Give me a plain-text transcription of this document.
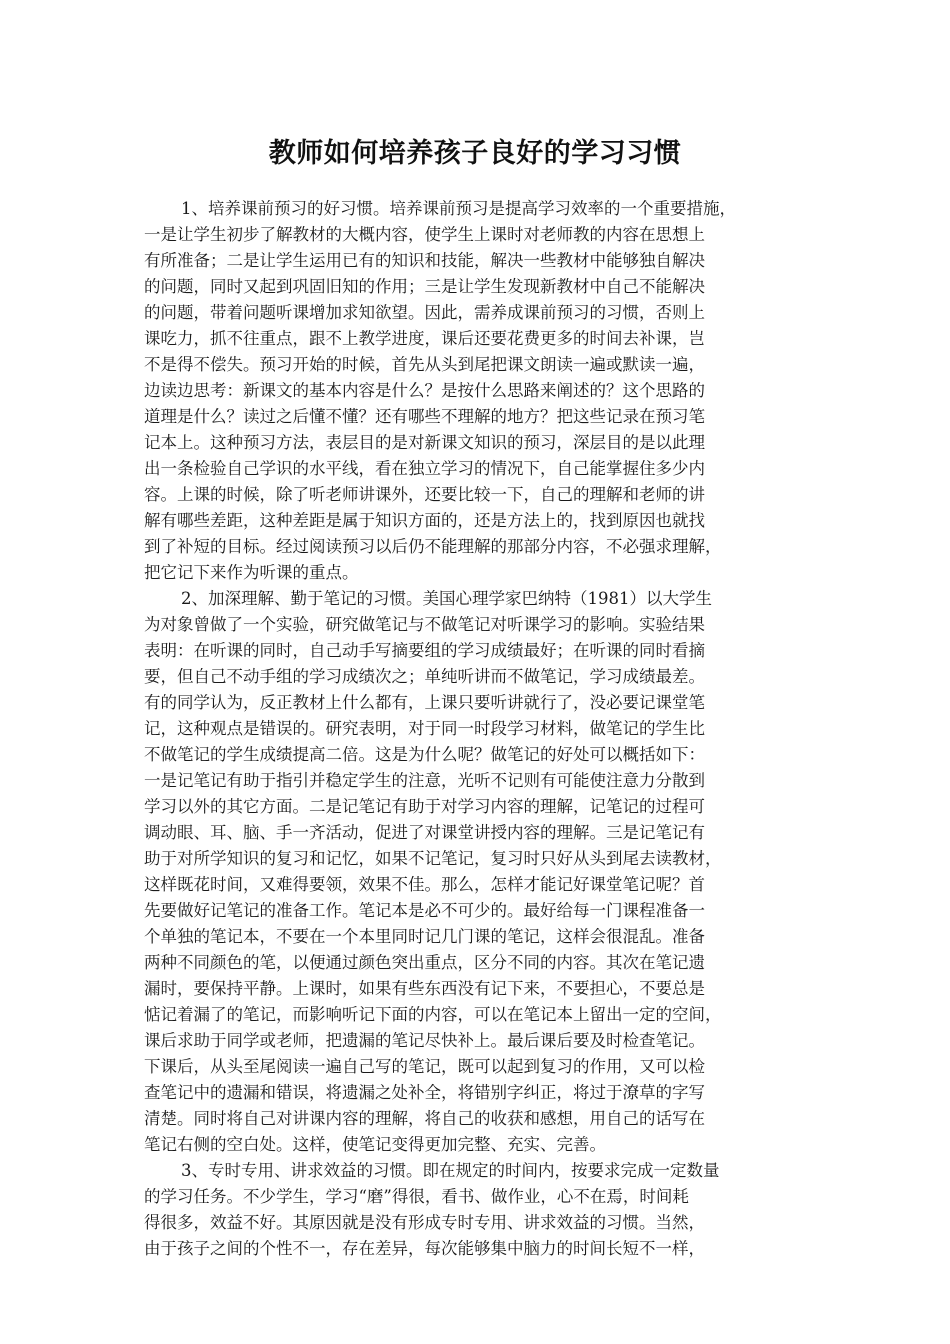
教师如何培养孩子良好的学习习惯
1、培养课前预习的好习惯。培养课前预习是提高学习效率的一个重要措施，
一是让学生初步了解教材的大概内容，使学生上课时对老师教的内容在思想上
有所准备；二是让学生运用已有的知识和技能，解决一些教材中能够独自解决
的问题，同时又起到巩固旧知的作用；三是让学生发现新教材中自己不能解决
的问题，带着问题听课增加求知欲望。因此，需养成课前预习的习惯，否则上
课吃力，抓不往重点，跟不上教学进度，课后还要花费更多的时间去补课，岂
不是得不偿失。预习开始的时候，首先从头到尾把课文朗读一遍或默读一遍，
边读边思考：新课文的基本内容是什么？是按什么思路来阐述的？这个思路的
道理是什么？读过之后懂不懂？还有哪些不理解的地方？把这些记录在预习笔
记本上。这种预习方法，表层目的是对新课文知识的预习，深层目的是以此理
出一条检验自己学识的水平线，看在独立学习的情况下，自己能掌握住多少内
容。上课的时候，除了听老师讲课外，还要比较一下，自己的理解和老师的讲
解有哪些差距，这种差距是属于知识方面的，还是方法上的，找到原因也就找
到了补短的目标。经过阅读预习以后仍不能理解的那部分内容，不必强求理解，
把它记下来作为听课的重点。
2、加深理解、勤于笔记的习惯。美国心理学家巴纳特（1981）以大学生
为对象曾做了一个实验，研究做笔记与不做笔记对听课学习的影响。实验结果
表明：在听课的同时，自己动手写摘要组的学习成绩最好；在听课的同时看摘
要，但自己不动手组的学习成绩次之；单纯听讲而不做笔记，学习成绩最差。
有的同学认为，反正教材上什么都有，上课只要听讲就行了，没必要记课堂笔
记，这种观点是错误的。研究表明，对于同一时段学习材料，做笔记的学生比
不做笔记的学生成绩提高二倍。这是为什么呢？做笔记的好处可以概括如下：
一是记笔记有助于指引并稳定学生的注意，光听不记则有可能使注意力分散到
学习以外的其它方面。二是记笔记有助于对学习内容的理解，记笔记的过程可
调动眼、耳、脑、手一齐活动，促进了对课堂讲授内容的理解。三是记笔记有
助于对所学知识的复习和记忆，如果不记笔记，复习时只好从头到尾去读教材，
这样既花时间，又难得要领，效果不佳。那么，怎样才能记好课堂笔记呢？首
先要做好记笔记的准备工作。笔记本是必不可少的。最好给每一门课程准备一
个单独的笔记本，不要在一个本里同时记几门课的笔记，这样会很混乱。准备
两种不同颜色的笔，以便通过颜色突出重点，区分不同的内容。其次在笔记遗
漏时，要保持平静。上课时，如果有些东西没有记下来，不要担心，不要总是
惦记着漏了的笔记，而影响听记下面的内容，可以在笔记本上留出一定的空间，
课后求助于同学或老师，把遗漏的笔记尽快补上。最后课后要及时检查笔记。
下课后，从头至尾阅读一遍自己写的笔记，既可以起到复习的作用，又可以检
查笔记中的遗漏和错误，将遗漏之处补全，将错别字纠正，将过于潦草的字写
清楚。同时将自己对讲课内容的理解，将自己的收获和感想，用自己的话写在
笔记右侧的空白处。这样，使笔记变得更加完整、充实、完善。
3、专时专用、讲求效益的习惯。即在规定的时间内，按要求完成一定数量
的学习任务。不少学生，学习“磨”得很，看书、做作业，心不在焉，时间耗
得很多，效益不好。其原因就是没有形成专时专用、讲求效益的习惯。当然，
由于孩子之间的个性不一，存在差异，每次能够集中脑力的时间长短不一样，
